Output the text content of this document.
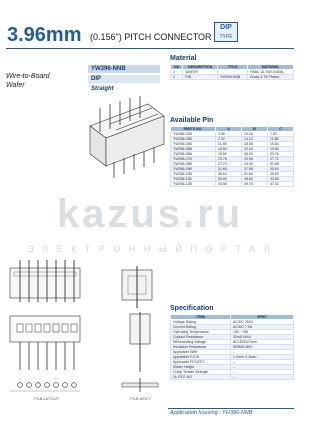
3.96mm (0.156") PITCH CONNECTOR
DIP
TYPE
Wire-to-Board
Wafer
YW396-NNB
DIP
Straight
Material
NO	DESCRIPTION	TITLE	MATERIAL
1	WAFER		PA66, UL 94V-0/ABN
2	PIN	YW396-NNB	Brass & Tin Plated
Available Pin
PARTS NO.	A	B	C
YW396-02B	3.96	10.16	7.92
YW396-03B	7.92	14.12	11.88
YW396-04B	11.88	18.08	15.84
YW396-05B	15.84	22.04	19.80
YW396-06B	19.80	26.00	23.76
YW396-07B	23.76	29.96	27.72
YW396-08B	27.72	33.92	31.68
YW396-09B	31.68	37.88	35.64
YW396-10B	35.64	41.84	39.60
YW396-11B	39.60	45.80	43.56
YW396-12B	43.56	49.76	47.52
kazus.ru
Э Л Е К Т Р О Н Н Ы Й П О Р Т А Л
PCB LAYOUT	PCB ASS'Y
Specification
ITEM	SPEC
Voltage Rating	AC/DC 250V
Current Rating	AC/DC 7.0A
Operating Temperature	-25 ~ +85
Contact Resistance	30mΩ MAX
Withstanding Voltage	AC1500V/1min
Insulation Resistance	500MΩ MIN
Applicable Wire	--
Applicable P.C.B	1.2mm~1.6mm
Applicable FPC/FFC	--
Solder Height	--
Crimp Tensile Strength	--
UL FILE NO	--
Application housing : YH396-NNB
